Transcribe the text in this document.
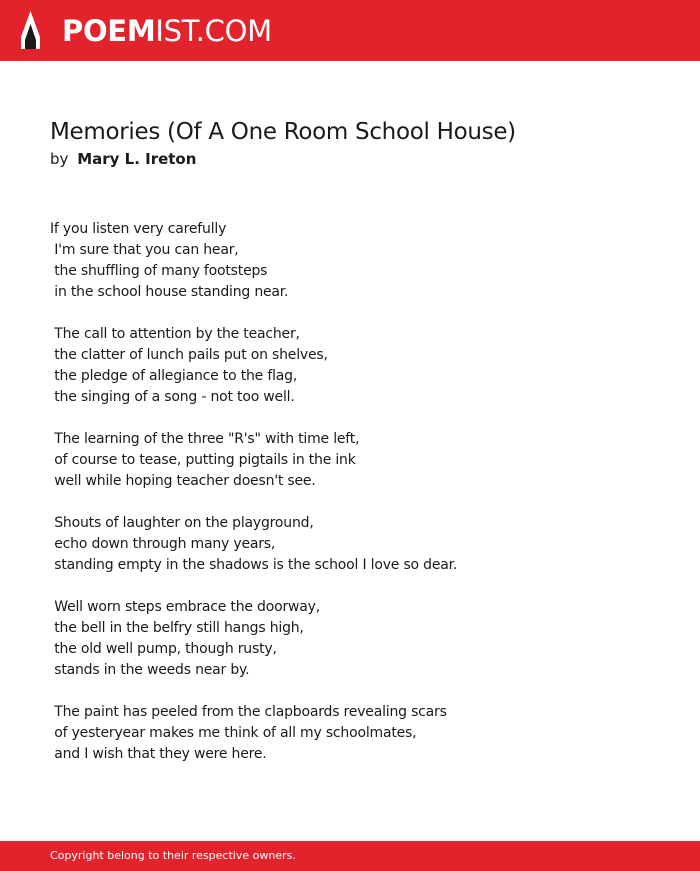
POEMIST.COM
Memories (Of A One Room School House)
by Mary L. Ireton
If you listen very carefully
I'm sure that you can hear,
the shuffling of many footsteps
in the school house standing near.
The call to attention by the teacher,
the clatter of lunch pails put on shelves,
the pledge of allegiance to the flag,
the singing of a song - not too well.
The learning of the three "R's" with time left,
of course to tease, putting pigtails in the ink
well while hoping teacher doesn't see.
Shouts of laughter on the playground,
echo down through many years,
standing empty in the shadows is the school I love so dear.
Well worn steps embrace the doorway,
the bell in the belfry still hangs high,
the old well pump, though rusty,
stands in the weeds near by.
The paint has peeled from the clapboards revealing scars
of yesteryear makes me think of all my schoolmates,
and I wish that they were here.
Copyright belong to their respective owners.
